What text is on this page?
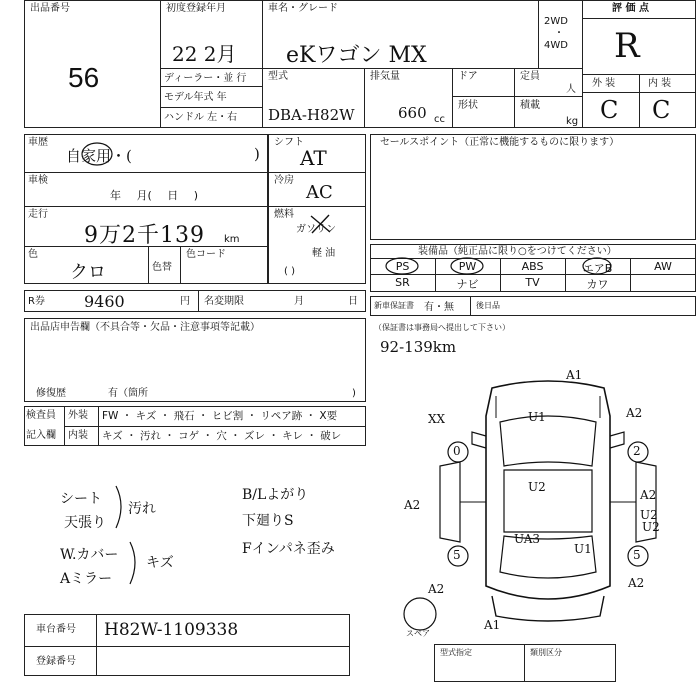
出品番号
56
初度登録年月
22 2月
車名・グレード
eKワゴン MX
2WD
・
4WD
評 価 点
R
ディーラー・並 行
モデル年式 年
ハンドル 左・右
型式
DBA-H82W
排気量
660 cc
ドア	定員
人
形状	積載
kg
外 装	内 装
C C
車歴
自家用・(	)
車検
年 月( 日 )
走行
9万2千139 km
色
クロ	色替
色コード
R券 9460	円 名変期限	月	日
出品店申告欄（不具合等・欠品・注意事項等記載）
修復歴	有（箇所	)
シフト
AT
冷房
AC
燃料
ガソリン
軽 油
( )
セールスポイント（正常に機能するものに限ります）
装備品（純正品に限り○をつけてください）
PS	PW	ABS	エアB	AW
SR	ナビ	TV	カワ
新車保証書 有・無	後日品
（保証書は事務局へ提出して下さい）
92-139km
検査員
記入欄
外装 FW ・ キズ ・ 飛石 ・ ヒビ割 ・ リペア跡 ・ X要
内装 キズ ・ 汚れ ・ コゲ ・ 穴 ・ ズレ ・ キレ ・ 破レ
シート
天張り
汚れ
W.カバー キズ
Aミラー
B/Lよがり
下廻りS
Fインパネ歪み
A1
XX	U1	A2
A2
A2
U2
A2
U2
U2
UA3
U1
A2
A1
0	2
5	5
スペア
車台番号 H82W-1109338
登録番号
型式指定	類別区分
